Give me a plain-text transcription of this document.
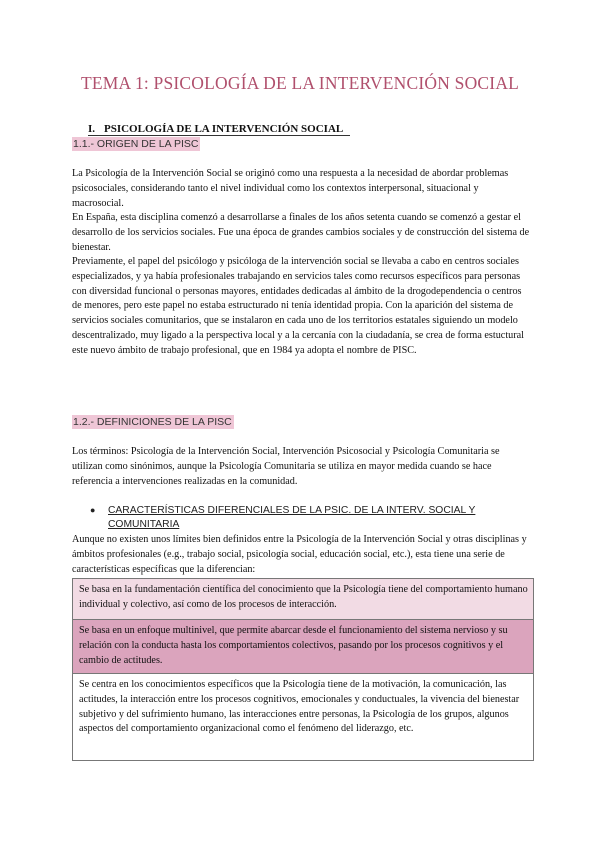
TEMA 1: PSICOLOGÍA DE LA INTERVENCIÓN SOCIAL
I. PSICOLOGÍA DE LA INTERVENCIÓN SOCIAL
1.1.- ORIGEN DE LA PISC

La Psicología de la Intervención Social se originó como una respuesta a la necesidad de abordar problemas psicosociales, considerando tanto el nivel individual como los contextos interpersonal, situacional y macrosocial.

En España, esta disciplina comenzó a desarrollarse a finales de los años setenta cuando se comenzó a gestar el desarrollo de los servicios sociales. Fue una época de grandes cambios sociales y de construcción del sistema de bienestar.

Previamente, el papel del psicólogo y psicóloga de la intervención social se llevaba a cabo en centros sociales especializados, y ya había profesionales trabajando en servicios tales como recursos específicos para personas con diversidad funcional o personas mayores, entidades dedicadas al ámbito de la drogodependencia o centros de menores, pero este papel no estaba estructurado ni tenía identidad propia. Con la aparición del sistema de servicios sociales comunitarios, que se instalaron en cada uno de los territorios estatales siguiendo un modelo descentralizado, muy ligado a la perspectiva local y a la cercanía con la ciudadanía, se crea de forma estuctural este nuevo ámbito de trabajo profesional, que en 1984 ya adopta el nombre de PISC.

1.2.- DEFINICIONES DE LA PISC

Los términos: Psicología de la Intervención Social, Intervención Psicosocial y Psicología Comunitaria se utilizan como sinónimos, aunque la Psicología Comunitaria se utiliza en mayor medida cuando se hace referencia a intervenciones realizadas en la comunidad.

● CARACTERÍSTICAS DIFERENCIALES DE LA PSIC. DE LA INTERV. SOCIAL Y COMUNITARIA

Aunque no existen unos límites bien definidos entre la Psicología de la Intervención Social y otras disciplinas y ámbitos profesionales (e.g., trabajo social, psicología social, educación social, etc.), esta tiene una serie de características específicas que la diferencian:

Se basa en la fundamentación científica del conocimiento que la Psicología tiene del comportamiento humano individual y colectivo, así como de los procesos de interacción.
Se basa en un enfoque multinivel, que permite abarcar desde el funcionamiento del sistema nervioso y su relación con la conducta hasta los comportamientos colectivos, pasando por los procesos cognitivos y el cambio de actitudes.
Se centra en los conocimientos específicos que la Psicología tiene de la motivación, la comunicación, las actitudes, la interacción entre los procesos cognitivos, emocionales y conductuales, la vivencia del bienestar subjetivo y del sufrimiento humano, las interacciones entre personas, la Psicología de los grupos, algunos aspectos del comportamiento organizacional como el fenómeno del liderazgo, etc.
